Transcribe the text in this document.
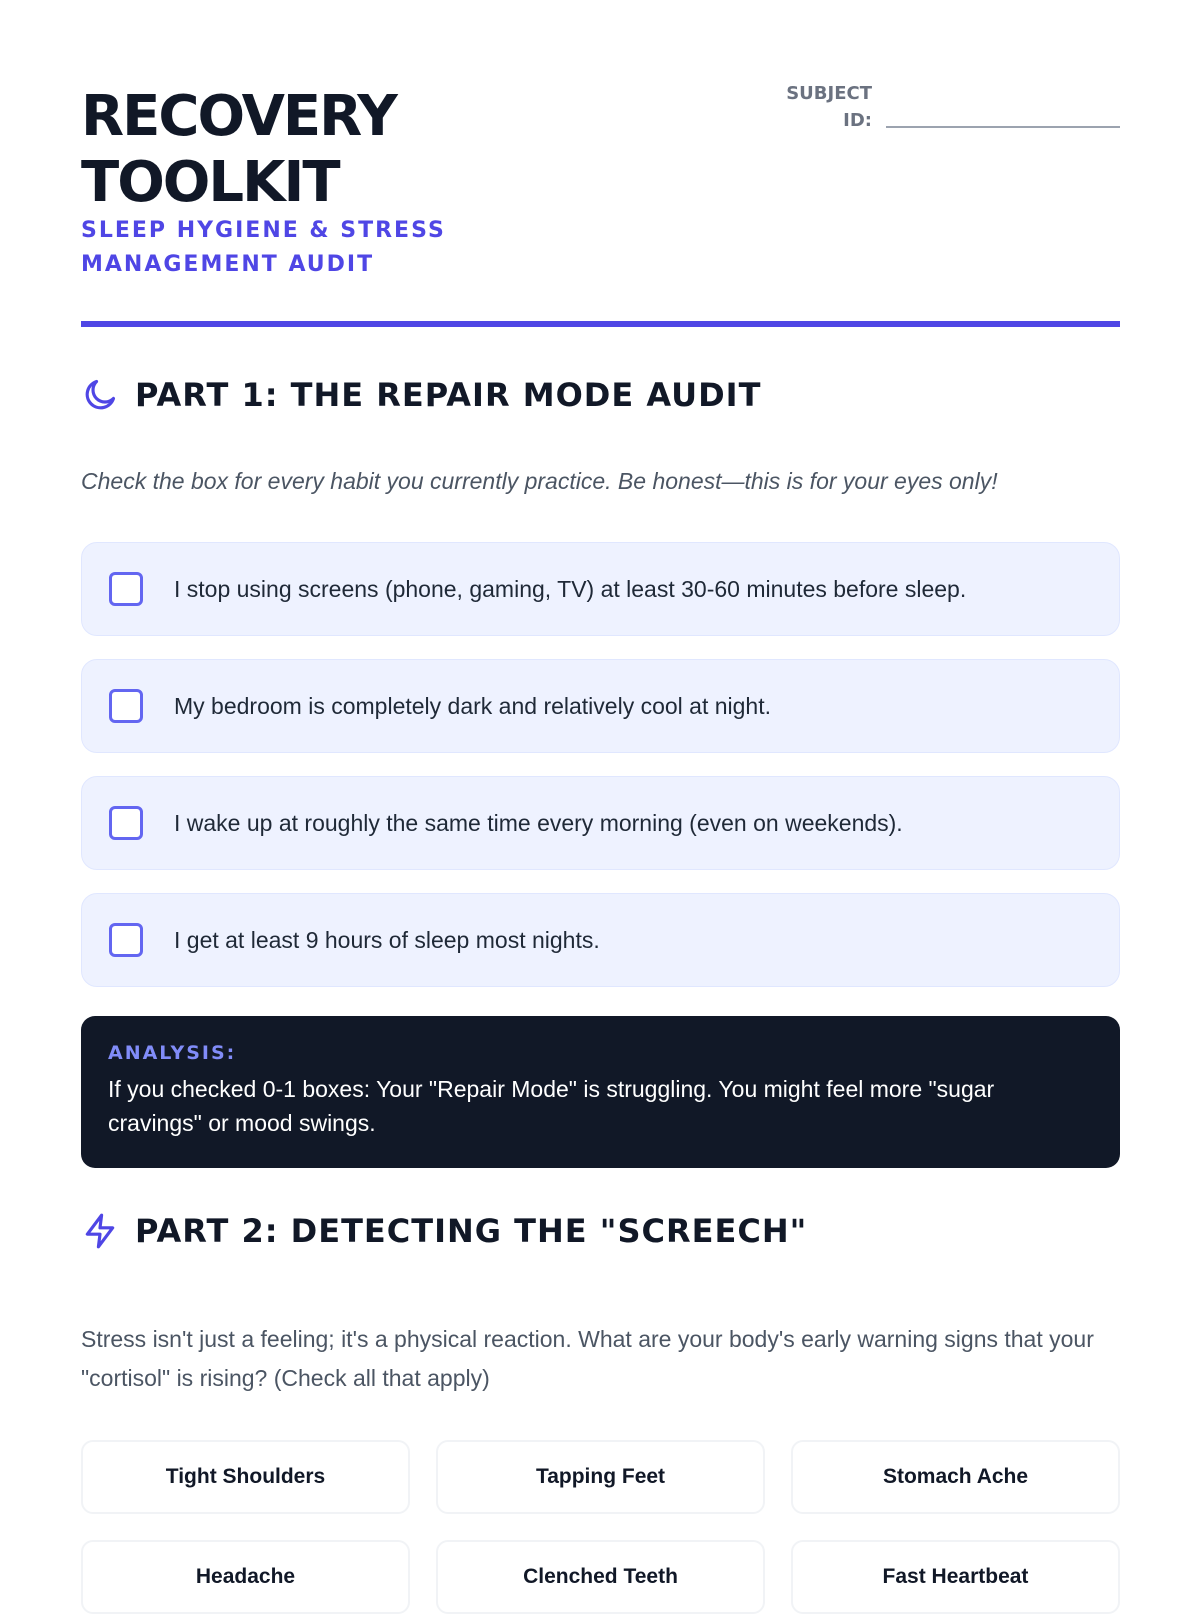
RECOVERY
TOOLKIT
SLEEP HYGIENE & STRESS MANAGEMENT AUDIT
SUBJECT
ID:
PART 1: THE REPAIR MODE AUDIT
Check the box for every habit you currently practice. Be honest—this is for your eyes only!
I stop using screens (phone, gaming, TV) at least 30-60 minutes before sleep.
My bedroom is completely dark and relatively cool at night.
I wake up at roughly the same time every morning (even on weekends).
I get at least 9 hours of sleep most nights.
ANALYSIS:
If you checked 0-1 boxes: Your "Repair Mode" is struggling. You might feel more "sugar cravings" or mood swings.
PART 2: DETECTING THE "SCREECH"
Stress isn't just a feeling; it's a physical reaction. What are your body's early warning signs that your "cortisol" is rising? (Check all that apply)
Tight Shoulders	Tapping Feet	Stomach Ache
Headache	Clenched Teeth	Fast Heartbeat
